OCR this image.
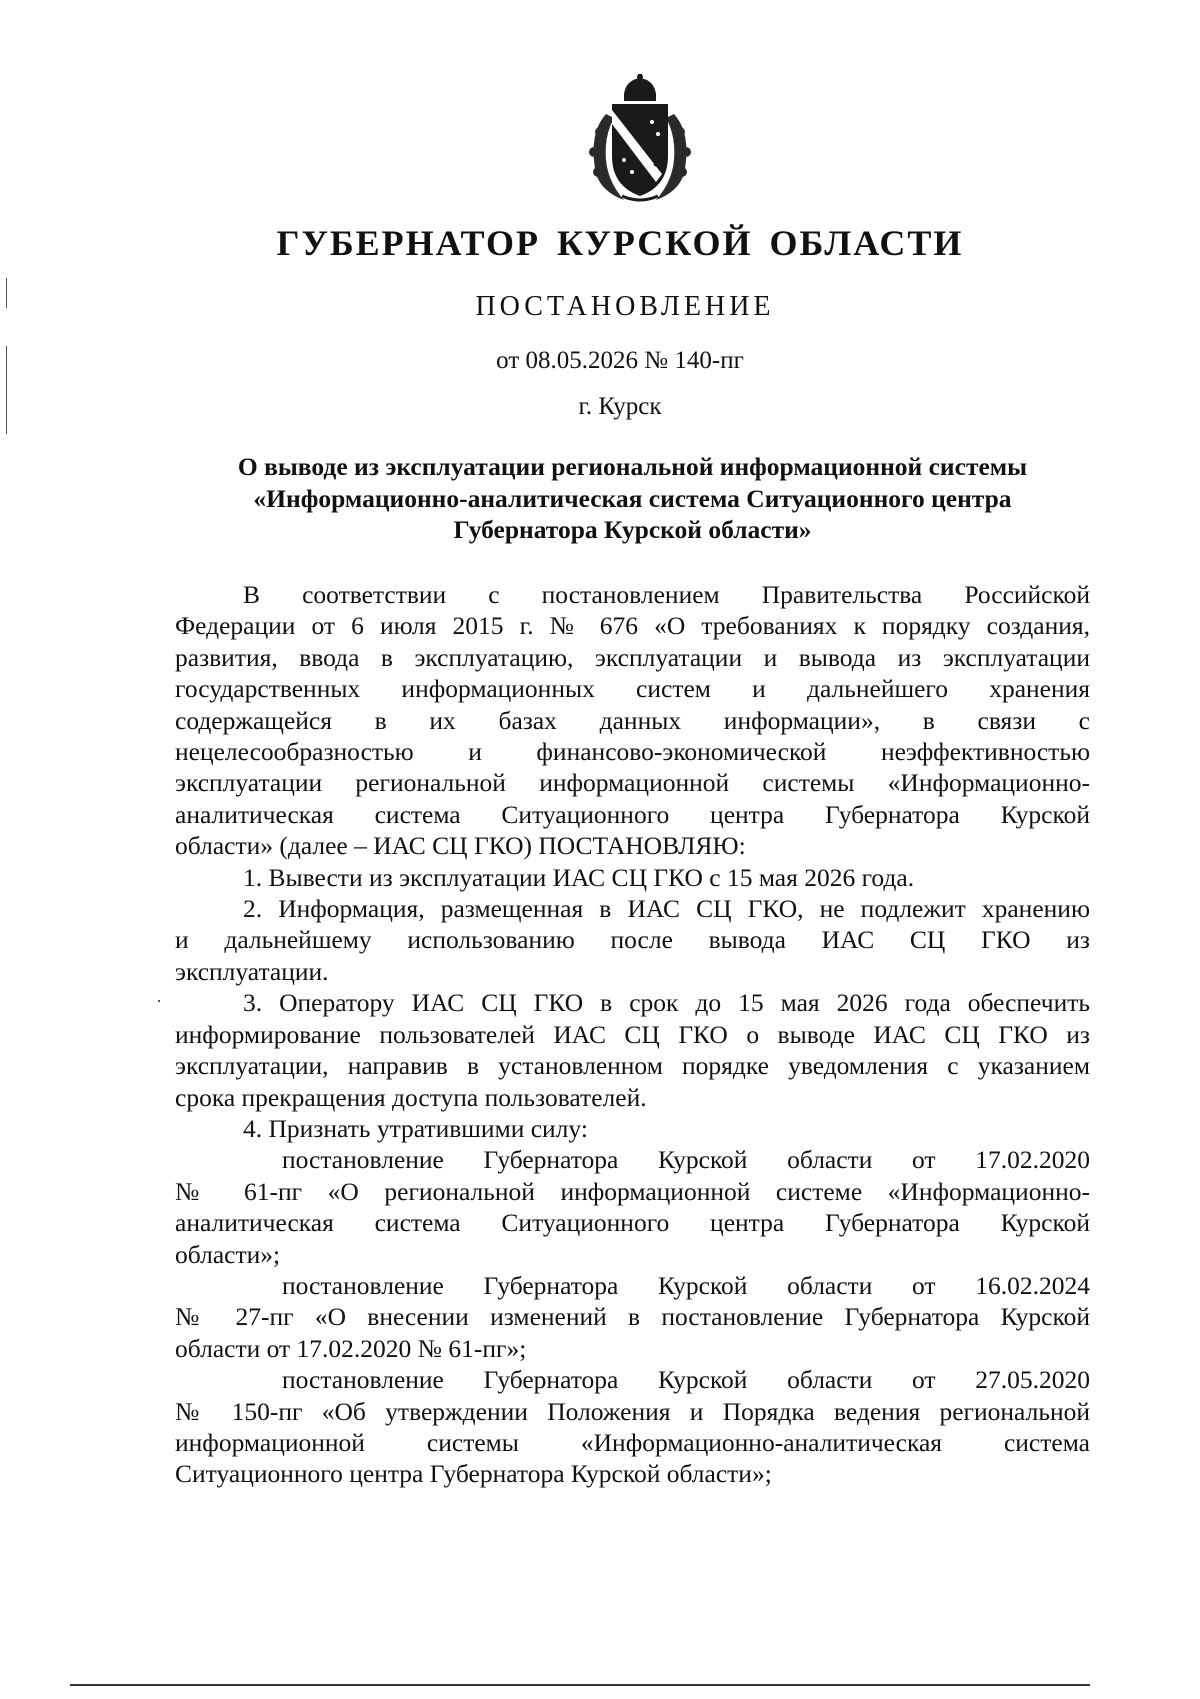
ГУБЕРНАТОР КУРСКОЙ ОБЛАСТИ
ПОСТАНОВЛЕНИЕ
от 08.05.2026 № 140-пг
г. Курск
О выводе из эксплуатации региональной информационной системы
«Информационно-аналитическая система Ситуационного центра
Губернатора Курской области»
В соответствии с постановлением Правительства Российской
Федерации от 6 июля 2015 г. № 676 «О требованиях к порядку создания,
развития, ввода в эксплуатацию, эксплуатации и вывода из эксплуатации
государственных информационных систем и дальнейшего хранения
содержащейся в их базах данных информации», в связи с
нецелесообразностью и финансово-экономической неэффективностью
эксплуатации региональной информационной системы «Информационно-
аналитическая система Ситуационного центра Губернатора Курской
области» (далее – ИАС СЦ ГКО) ПОСТАНОВЛЯЮ:
1. Вывести из эксплуатации ИАС СЦ ГКО с 15 мая 2026 года.
2. Информация, размещенная в ИАС СЦ ГКО, не подлежит хранению
и дальнейшему использованию после вывода ИАС СЦ ГКО из
эксплуатации.
3. Оператору ИАС СЦ ГКО в срок до 15 мая 2026 года обеспечить
информирование пользователей ИАС СЦ ГКО о выводе ИАС СЦ ГКО из
эксплуатации, направив в установленном порядке уведомления с указанием
срока прекращения доступа пользователей.
4. Признать утратившими силу:
постановление Губернатора Курской области от 17.02.2020
№ 61-пг «О региональной информационной системе «Информационно-
аналитическая система Ситуационного центра Губернатора Курской
области»;
постановление Губернатора Курской области от 16.02.2024
№ 27-пг «О внесении изменений в постановление Губернатора Курской
области от 17.02.2020 № 61-пг»;
постановление Губернатора Курской области от 27.05.2020
№ 150-пг «Об утверждении Положения и Порядка ведения региональной
информационной системы «Информационно-аналитическая система
Ситуационного центра Губернатора Курской области»;
